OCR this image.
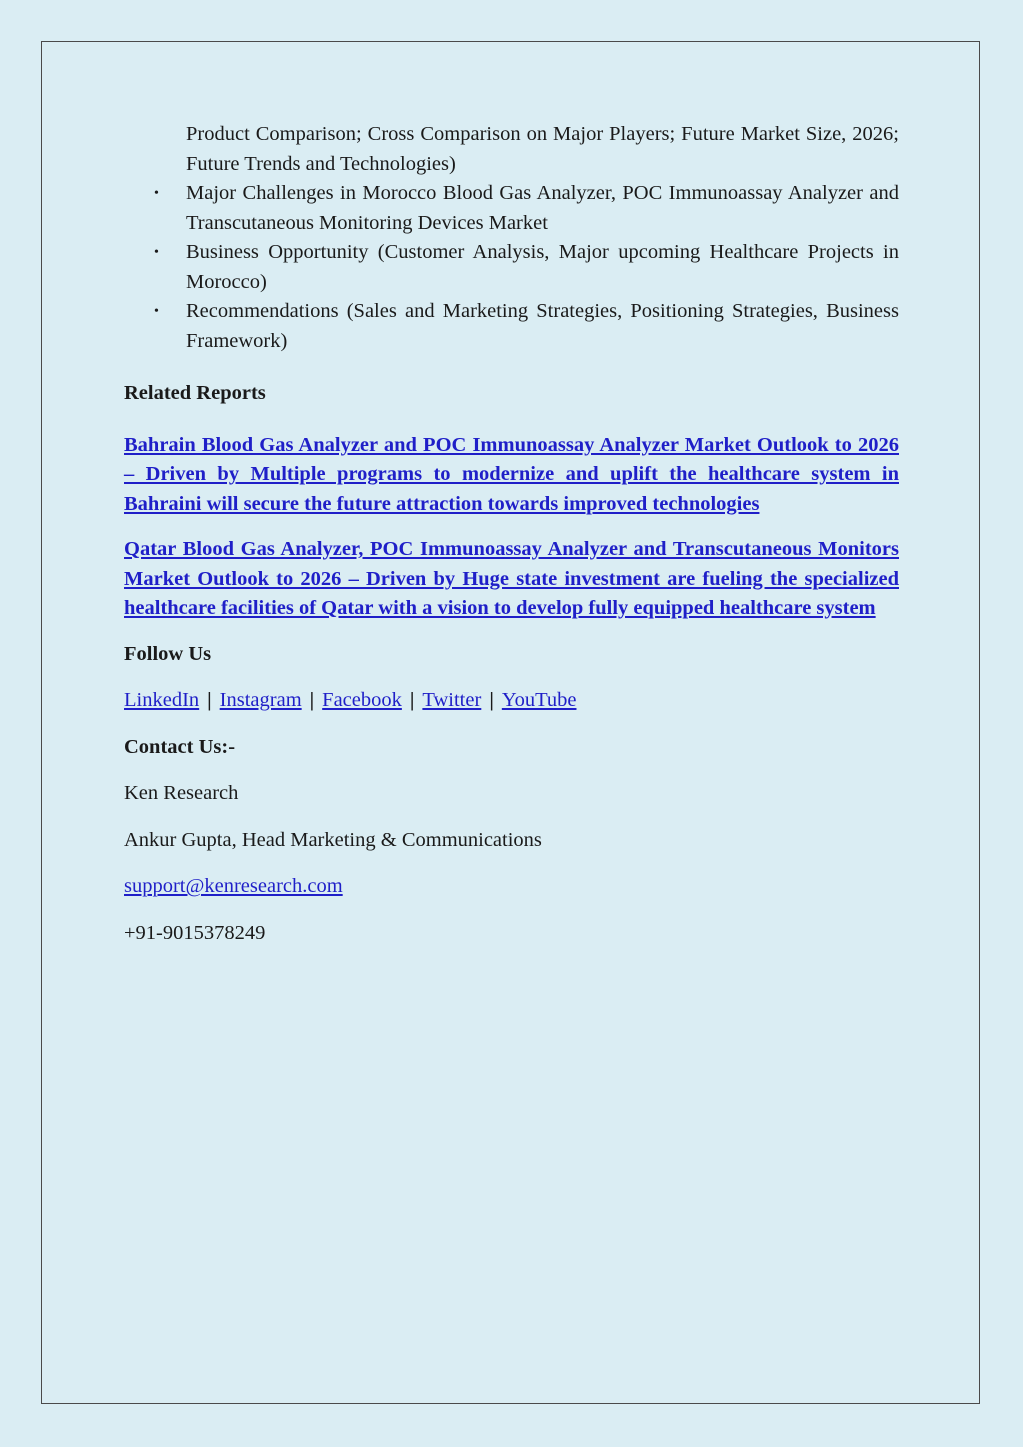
Product Comparison; Cross Comparison on Major Players; Future Market Size, 2026; Future Trends and Technologies)

• Major Challenges in Morocco Blood Gas Analyzer, POC Immunoassay Analyzer and Transcutaneous Monitoring Devices Market
• Business Opportunity (Customer Analysis, Major upcoming Healthcare Projects in Morocco)
• Recommendations (Sales and Marketing Strategies, Positioning Strategies, Business Framework)

Related Reports

Bahrain Blood Gas Analyzer and POC Immunoassay Analyzer Market Outlook to 2026 – Driven by Multiple programs to modernize and uplift the healthcare system in Bahraini will secure the future attraction towards improved technologies
Qatar Blood Gas Analyzer, POC Immunoassay Analyzer and Transcutaneous Monitors Market Outlook to 2026 – Driven by Huge state investment are fueling the specialized healthcare facilities of Qatar with a vision to develop fully equipped healthcare system

Follow Us

LinkedIn | Instagram | Facebook | Twitter | YouTube

Contact Us:-

Ken Research

Ankur Gupta, Head Marketing & Communications

support@kenresearch.com

+91-9015378249
